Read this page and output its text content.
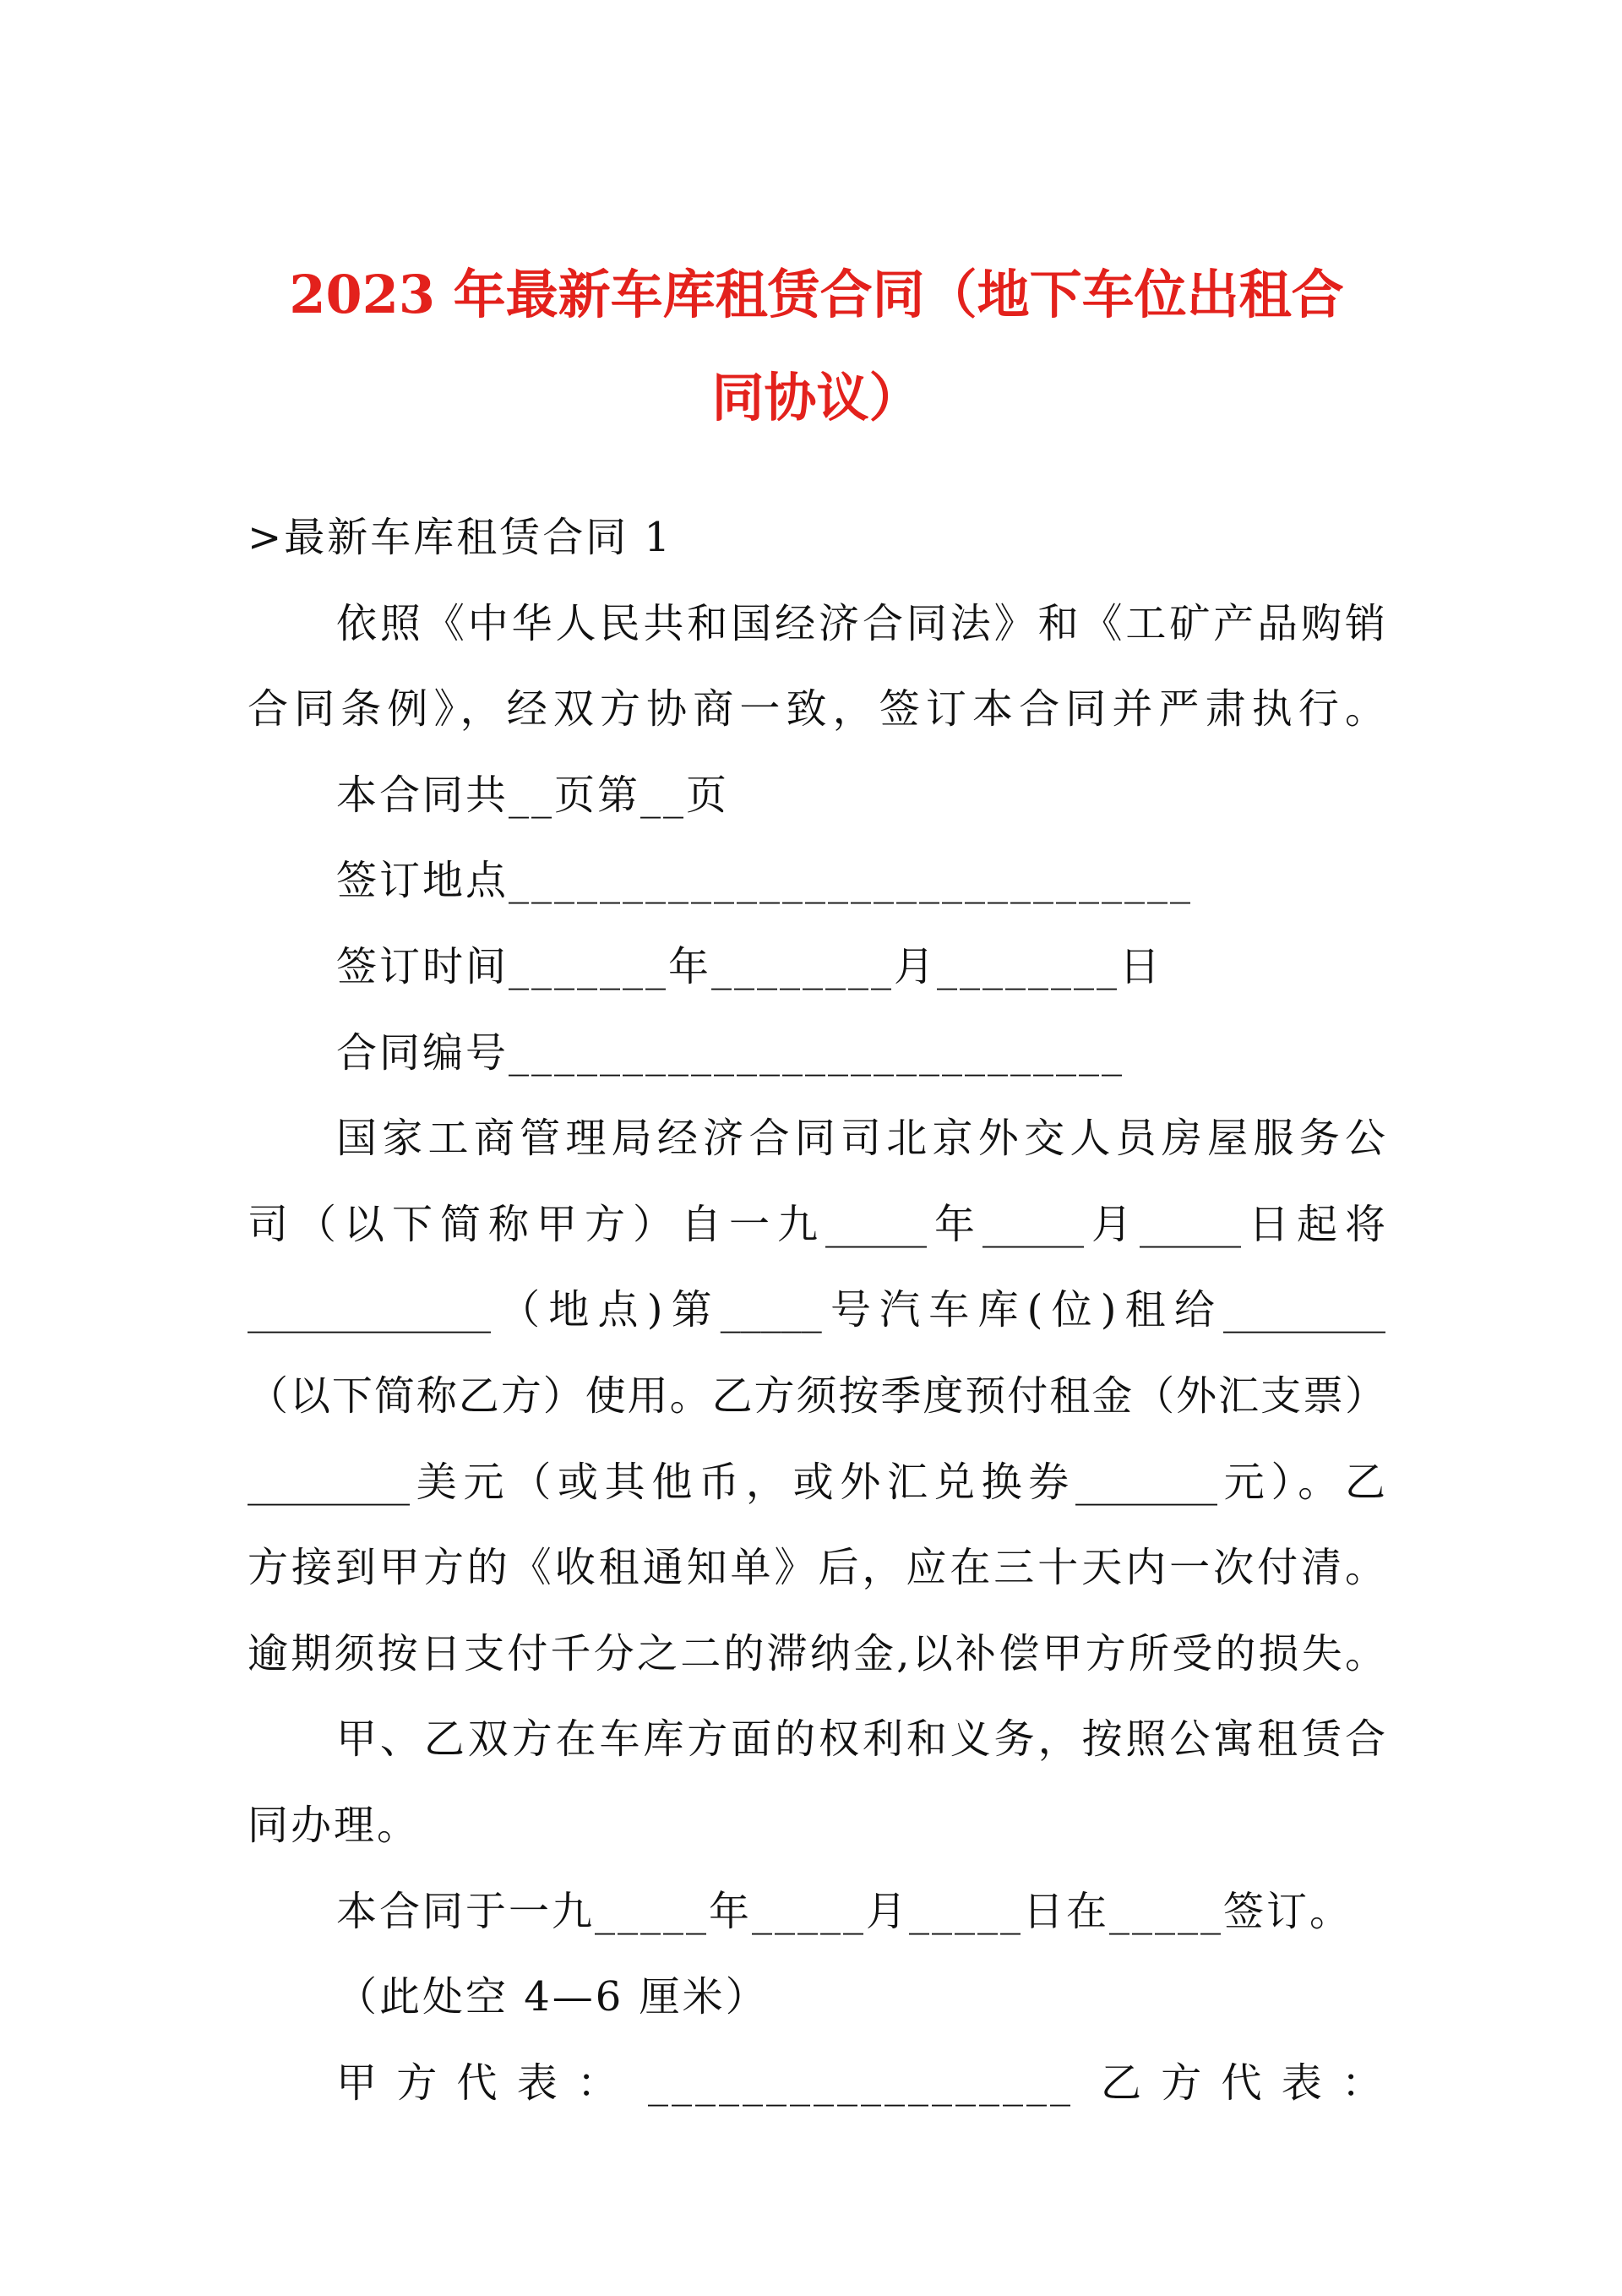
2023 年最新车库租赁合同（地下车位出租合
同协议）
>最新车库租赁合同 1
依照《中华人民共和国经济合同法》和《工矿产品购销
合同条例》，经双方协商一致，签订本合同并严肃执行。
本合同共__页第__页
签订地点______________________________
签订时间_______年________月________日
合同编号___________________________
国家工商管理局经济合同司北京外交人员房屋服务公
司（以下简称甲方）自一九_____年_____月_____日起将
____________（地点)第_____号汽车库(位)租给________
（以下简称乙方）使用。乙方须按季度预付租金（外汇支票）
________美元（或其他币，或外汇兑换券_______元）。乙
方接到甲方的《收租通知单》后，应在三十天内一次付清。
逾期须按日支付千分之二的滞纳金,以补偿甲方所受的损失。
甲、乙双方在车库方面的权利和义务，按照公寓租赁合
同办理。
本合同于一九_____年_____月_____日在_____签订。
（此处空 4—6 厘米）
甲 方 代 表 ： __________________ 乙 方 代 表 ：
